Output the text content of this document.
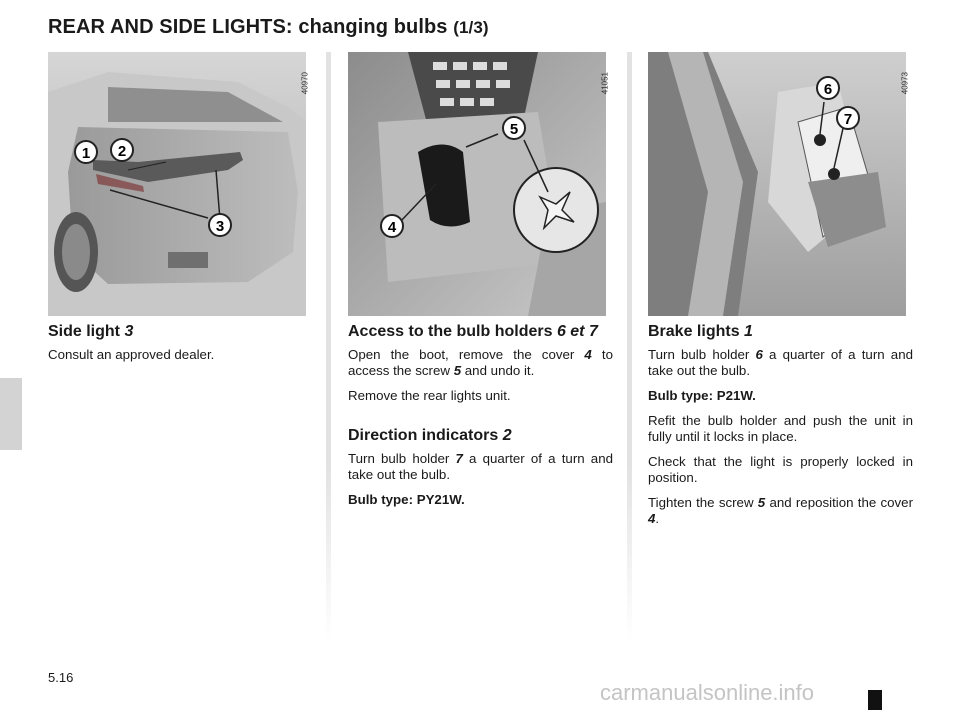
REAR AND SIDE LIGHTS: changing bulbs (1/3)
1 2
3
40970
5
4
41051	6
7
40973
Side light 3

Consult an approved dealer.

Access to the bulb holders 6 et 7

Open the boot, remove the cover 4 to access the screw 5 and undo it.

Remove the rear lights unit.

Direction indicators 2

Turn bulb holder 7 a quarter of a turn and take out the bulb.

Bulb type: PY21W.

Brake lights 1

Turn bulb holder 6 a quarter of a turn and take out the bulb.

Bulb type: P21W.

Refit the bulb holder and push the unit in fully until it locks in place.

Check that the light is properly locked in position.

Tighten the screw 5 and reposition the cover 4.

5.16
carmanualsonline.info
